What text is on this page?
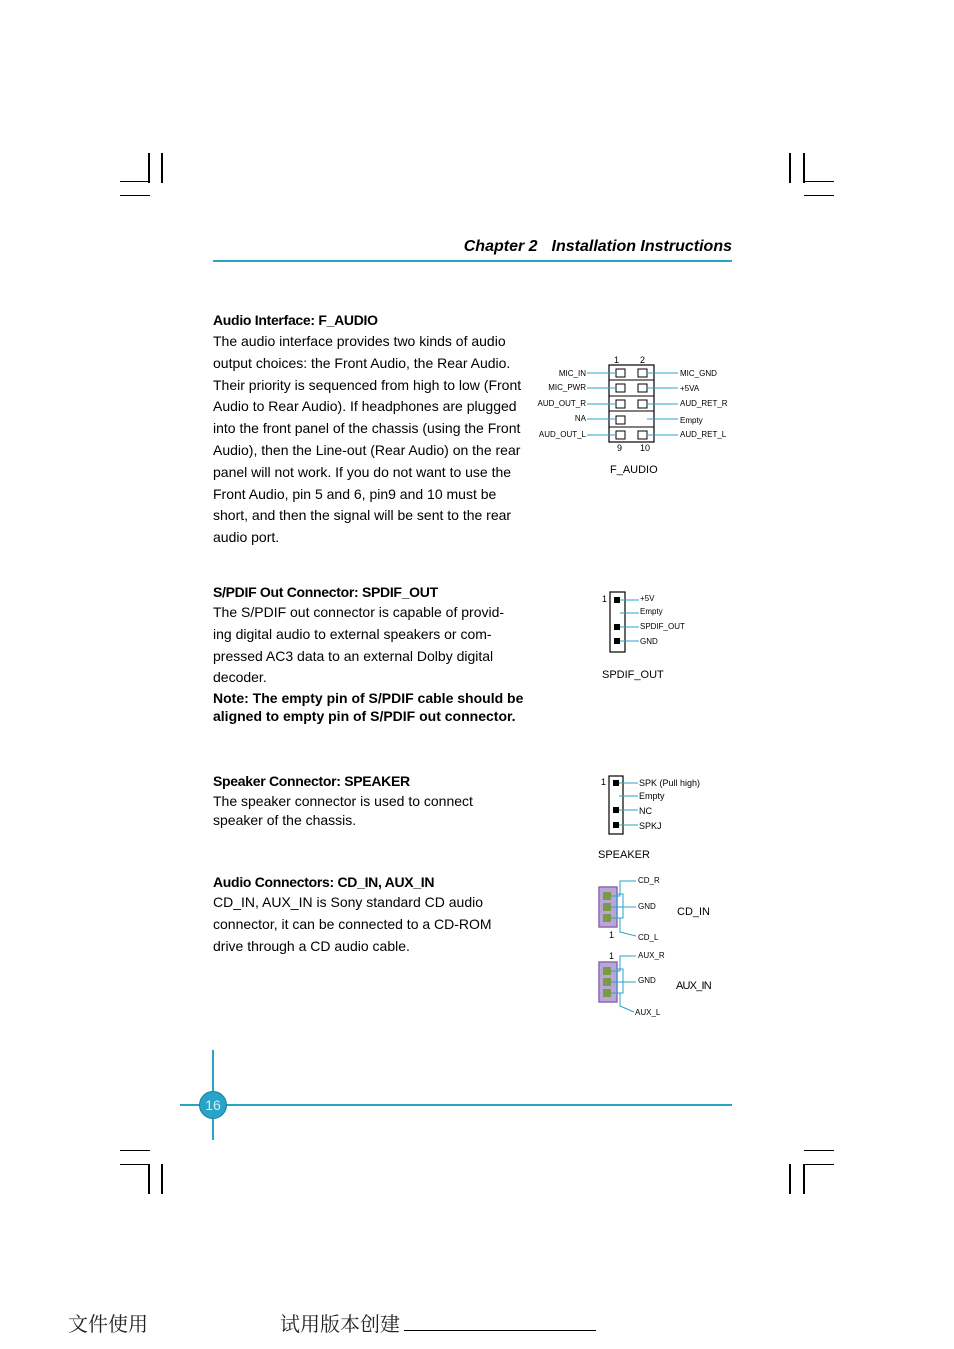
Chapter 2 Installation Instructions
Audio Interface: F_AUDIO
The audio interface provides two kinds of audio
output choices: the Front Audio, the Rear Audio.
Their priority is sequenced from high to low (Front
Audio to Rear Audio). If headphones are plugged
into the front panel of the chassis (using the Front
Audio), then the Line-out (Rear Audio) on the rear
panel will not work. If you do not want to use the
Front Audio, pin 5 and 6, pin9 and 10 must be
short, and then the signal will be sent to the rear
audio port.
1 2
MIC_IN
MIC_PWR
AUD_OUT_R
NA
AUD_OUT_L
MIC_GND
+5VA
AUD_RET_R
Empty
AUD_RET_L
9 10
F_AUDIO
S/PDIF Out Connector: SPDIF_OUT
The S/PDIF out connector is capable of provid-
ing digital audio to external speakers or com-
pressed AC3 data to an external Dolby digital
decoder.
Note: The empty pin of S/PDIF cable should be
aligned to empty pin of S/PDIF out connector.
1	+5V
Empty
SPDIF_OUT
GND
SPDIF_OUT
Speaker Connector: SPEAKER
The speaker connector is used to connect
speaker of the chassis.
1	SPK (Pull high)
Empty
NC
SPKJ
SPEAKER
Audio Connectors: CD_IN, AUX_IN
CD_IN, AUX_IN is Sony standard CD audio
connector, it can be connected to a CD-ROM
drive through a CD audio cable.
CD_R
GND
CD_L
1
CD_IN
1	AUX_R
GND
AUX_L
AUX_IN
16
文件使用	试用版本创建
